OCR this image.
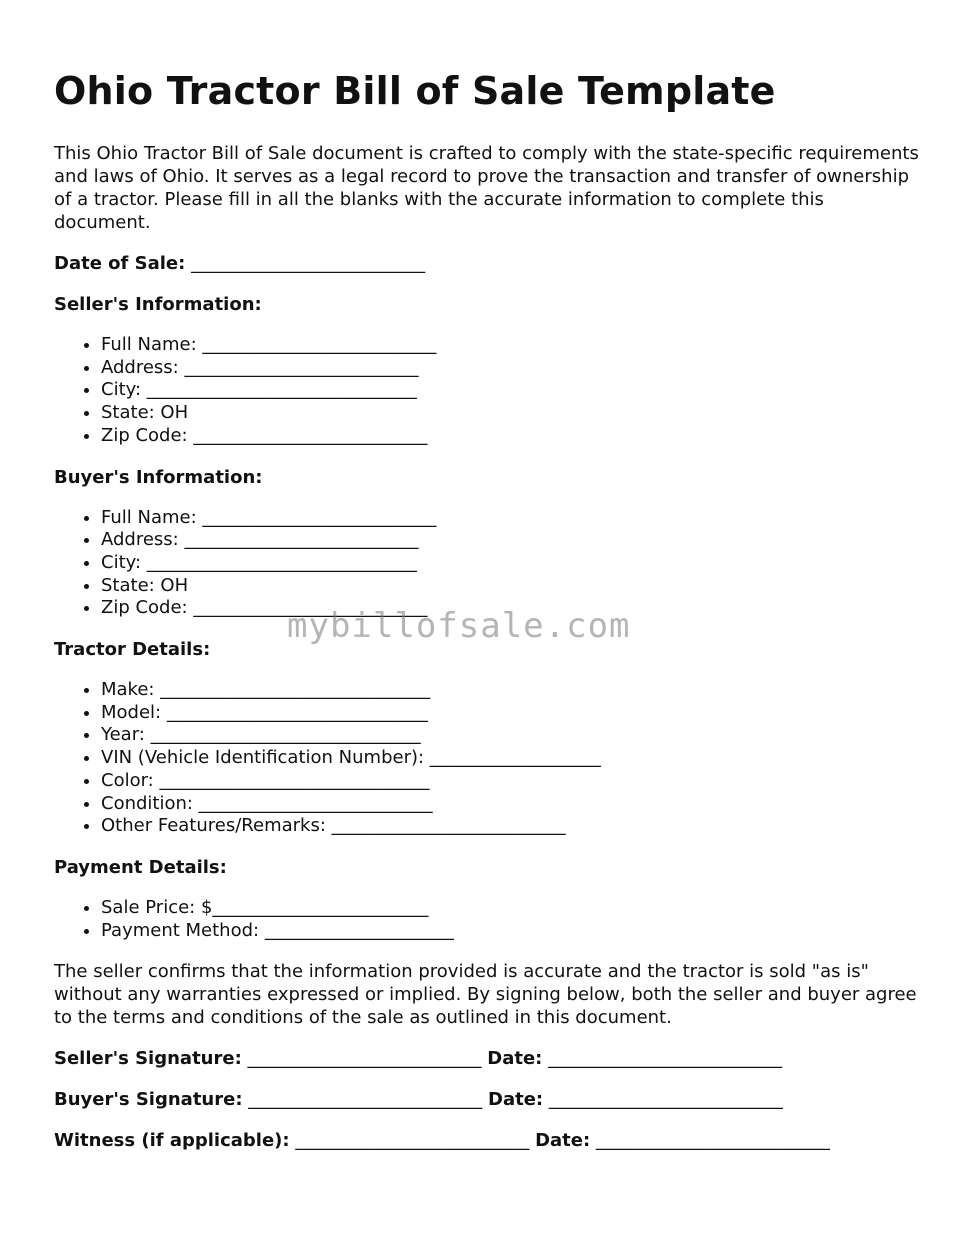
Ohio Tractor Bill of Sale Template

This Ohio Tractor Bill of Sale document is crafted to comply with the state-specific requirements and laws of Ohio. It serves as a legal record to prove the transaction and transfer of ownership of a tractor. Please fill in all the blanks with the accurate information to complete this document.

Date of Sale: __________________________
Seller's Information:
• Full Name: __________________________
• Address: __________________________
• City: ______________________________
• State: OH
• Zip Code: __________________________
Buyer's Information:
• Full Name: __________________________
• Address: __________________________
• City: ______________________________
• State: OH
• Zip Code: __________________________
Tractor Details:
• Make: ______________________________
• Model: _____________________________
• Year: ______________________________
• VIN (Vehicle Identification Number): ___________________
• Color: ______________________________
• Condition: __________________________
• Other Features/Remarks: __________________________
Payment Details:
• Sale Price: $________________________
• Payment Method: _____________________

The seller confirms that the information provided is accurate and the tractor is sold "as is" without any warranties expressed or implied. By signing below, both the seller and buyer agree to the terms and conditions of the sale as outlined in this document.

Seller's Signature: __________________________ Date: __________________________
Buyer's Signature: __________________________ Date: __________________________
Witness (if applicable): __________________________ Date: __________________________
mybillofsale.com
